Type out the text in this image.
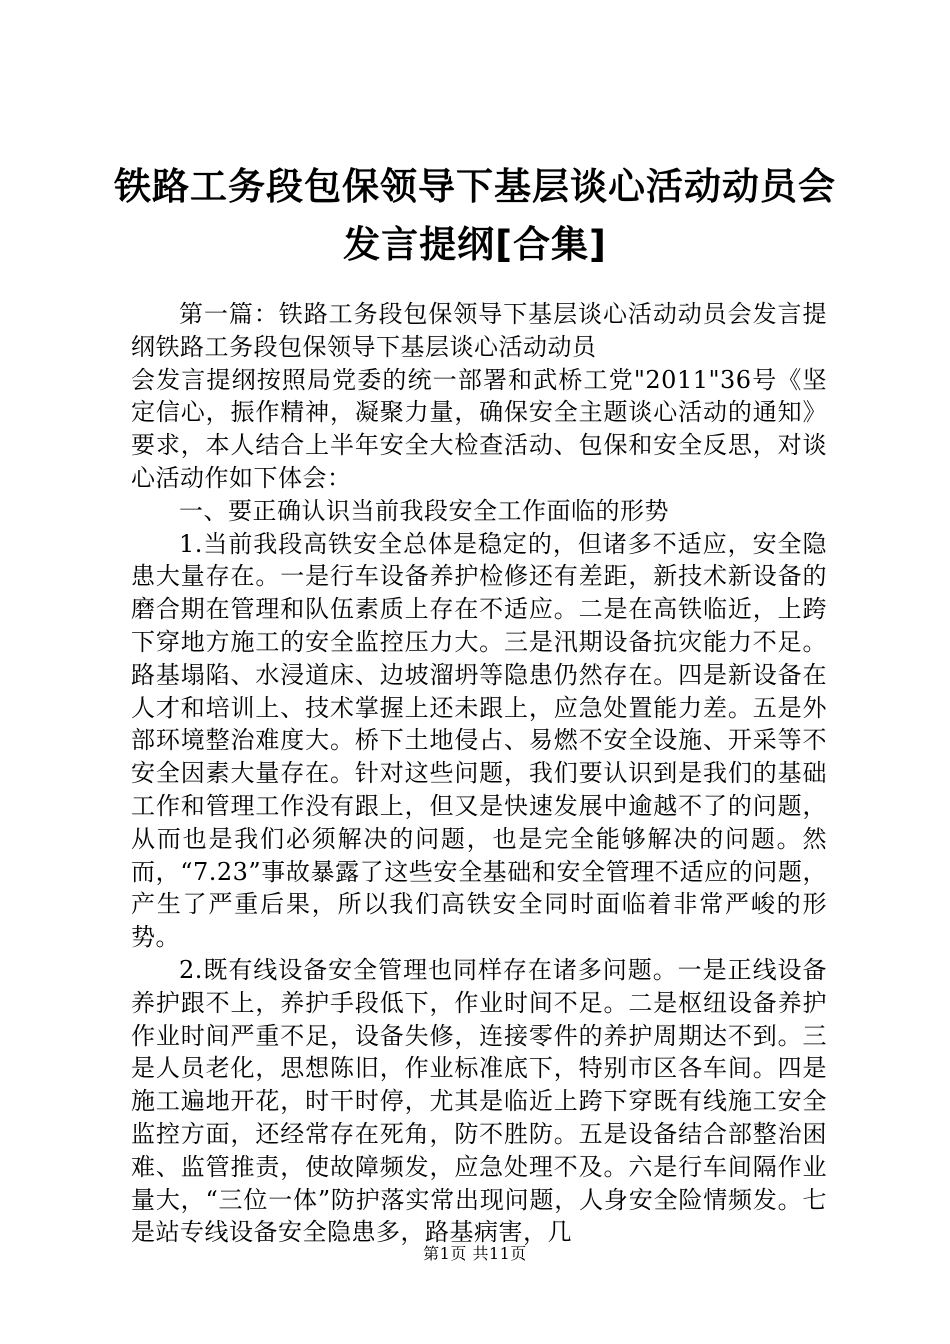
铁路工务段包保领导下基层谈心活动动员会发言提纲[合集]

第一篇：铁路工务段包保领导下基层谈心活动动员会发言提纲铁路工务段包保领导下基层谈心活动动员

会发言提纲按照局党委的统一部署和武桥工党"2011"36号《坚定信心，振作精神，凝聚力量，确保安全主题谈心活动的通知》要求，本人结合上半年安全大检查活动、包保和安全反思，对谈心活动作如下体会：

一、要正确认识当前我段安全工作面临的形势

1.当前我段高铁安全总体是稳定的，但诸多不适应，安全隐患大量存在。一是行车设备养护检修还有差距，新技术新设备的磨合期在管理和队伍素质上存在不适应。二是在高铁临近，上跨下穿地方施工的安全监控压力大。三是汛期设备抗灾能力不足。路基塌陷、水浸道床、边坡溜坍等隐患仍然存在。四是新设备在人才和培训上、技术掌握上还未跟上，应急处置能力差。五是外部环境整治难度大。桥下土地侵占、易燃不安全设施、开采等不安全因素大量存在。针对这些问题，我们要认识到是我们的基础工作和管理工作没有跟上，但又是快速发展中逾越不了的问题，从而也是我们必须解决的问题，也是完全能够解决的问题。然而，“7.23”事故暴露了这些安全基础和安全管理不适应的问题，产生了严重后果，所以我们高铁安全同时面临着非常严峻的形势。

2.既有线设备安全管理也同样存在诸多问题。一是正线设备养护跟不上，养护手段低下，作业时间不足。二是枢纽设备养护作业时间严重不足，设备失修，连接零件的养护周期达不到。三是人员老化，思想陈旧，作业标准底下，特别市区各车间。四是施工遍地开花，时干时停，尤其是临近上跨下穿既有线施工安全监控方面，还经常存在死角，防不胜防。五是设备结合部整治困难、监管推责，使故障频发，应急处理不及。六是行车间隔作业量大，“三位一体”防护落实常出现问题，人身安全险情频发。七是站专线设备安全隐患多，路基病害，几

第1页 共11页
